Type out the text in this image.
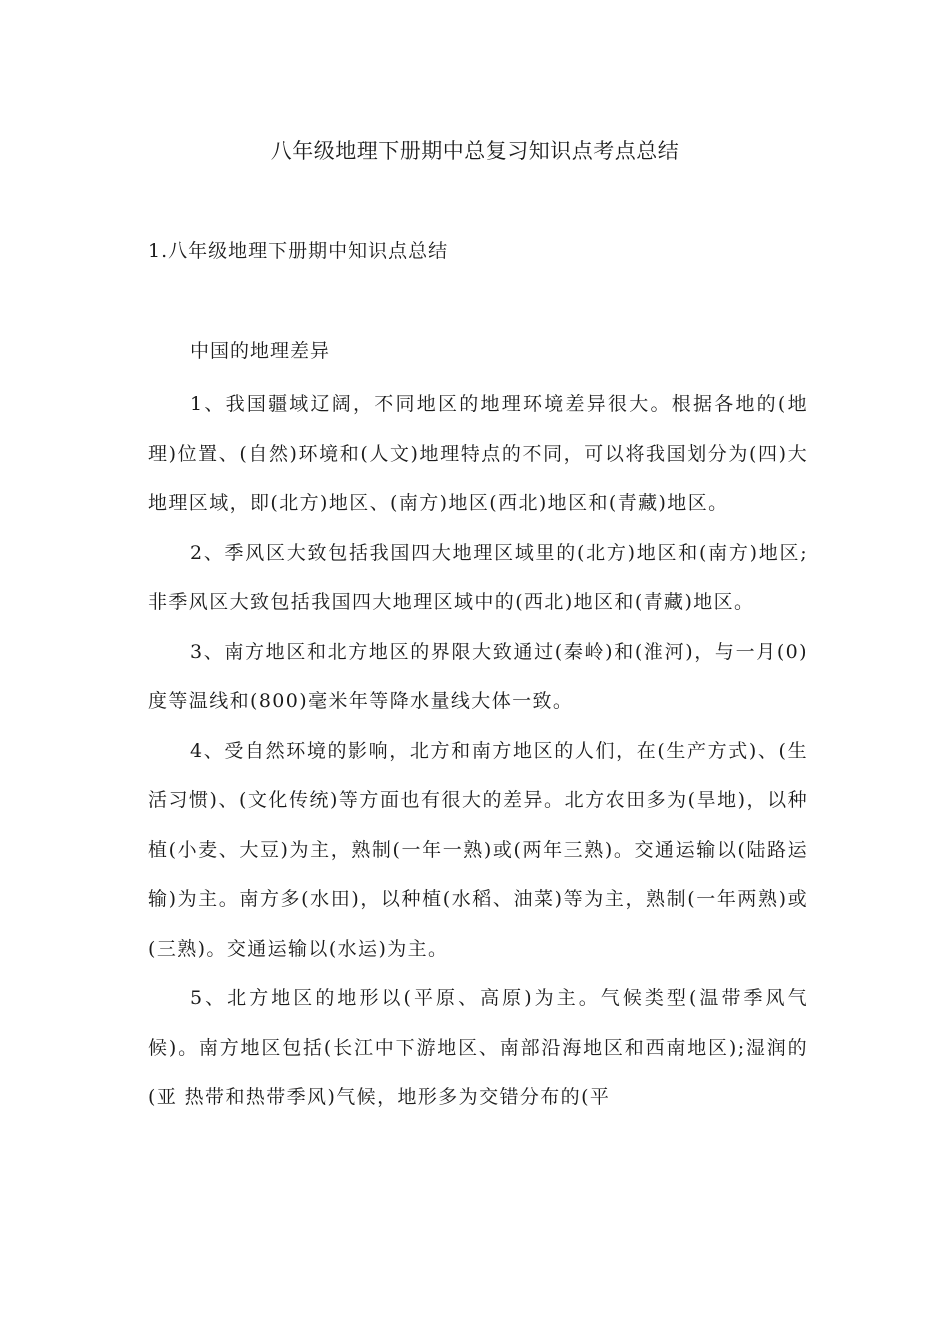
八年级地理下册期中总复习知识点考点总结
1.八年级地理下册期中知识点总结

中国的地理差异

1、我国疆域辽阔，不同地区的地理环境差异很大。根据各地的(地理)位置、(自然)环境和(人文)地理特点的不同，可以将我国划分为(四)大地理区域，即(北方)地区、(南方)地区(西北)地区和(青藏)地区。

2、季风区大致包括我国四大地理区域里的(北方)地区和(南方)地区;非季风区大致包括我国四大地理区域中的(西北)地区和(青藏)地区。

3、南方地区和北方地区的界限大致通过(秦岭)和(淮河)，与一月(0)度等温线和(800)毫米年等降水量线大体一致。

4、受自然环境的影响，北方和南方地区的人们，在(生产方式)、(生活习惯)、(文化传统)等方面也有很大的差异。北方农田多为(旱地)，以种植(小麦、大豆)为主，熟制(一年一熟)或(两年三熟)。交通运输以(陆路运输)为主。南方多(水田)，以种植(水稻、油菜)等为主，熟制(一年两熟)或(三熟)。交通运输以(水运)为主。

5、北方地区的地形以(平原、高原)为主。气候类型(温带季风气候)。南方地区包括(长江中下游地区、南部沿海地区和西南地区);湿润的(亚 热带和热带季风)气候，地形多为交错分布的(平
